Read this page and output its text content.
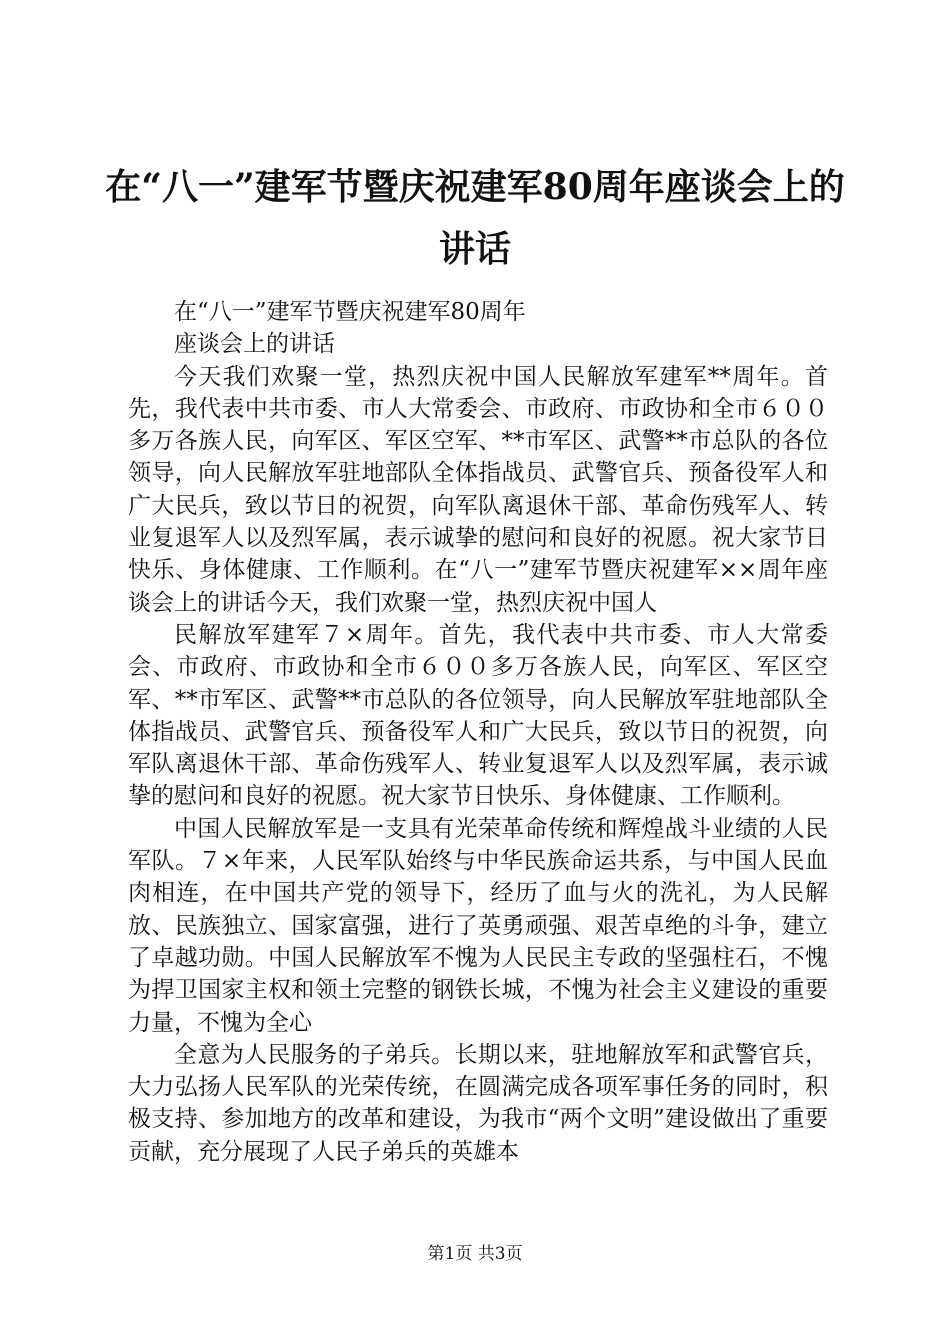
在“八一”建军节暨庆祝建军80周年座谈会上的讲话

在“八一”建军节暨庆祝建军80周年

座谈会上的讲话

今天我们欢聚一堂，热烈庆祝中国人民解放军建军**周年。首先，我代表中共市委、市人大常委会、市政府、市政协和全市６００多万各族人民，向军区、军区空军、**市军区、武警**市总队的各位领导，向人民解放军驻地部队全体指战员、武警官兵、预备役军人和广大民兵，致以节日的祝贺，向军队离退休干部、革命伤残军人、转业复退军人以及烈军属，表示诚挚的慰问和良好的祝愿。祝大家节日快乐、身体健康、工作顺利。在“八一”建军节暨庆祝建军××周年座谈会上的讲话今天，我们欢聚一堂，热烈庆祝中国人

民解放军建军７×周年。首先，我代表中共市委、市人大常委会、市政府、市政协和全市６００多万各族人民，向军区、军区空军、**市军区、武警**市总队的各位领导，向人民解放军驻地部队全体指战员、武警官兵、预备役军人和广大民兵，致以节日的祝贺，向军队离退休干部、革命伤残军人、转业复退军人以及烈军属，表示诚挚的慰问和良好的祝愿。祝大家节日快乐、身体健康、工作顺利。

中国人民解放军是一支具有光荣革命传统和辉煌战斗业绩的人民军队。７×年来，人民军队始终与中华民族命运共系，与中国人民血肉相连，在中国共产党的领导下，经历了血与火的洗礼，为人民解放、民族独立、国家富强，进行了英勇顽强、艰苦卓绝的斗争，建立了卓越功勋。中国人民解放军不愧为人民民主专政的坚强柱石，不愧为捍卫国家主权和领土完整的钢铁长城，不愧为社会主义建设的重要力量，不愧为全心

全意为人民服务的子弟兵。长期以来，驻地解放军和武警官兵，大力弘扬人民军队的光荣传统，在圆满完成各项军事任务的同时，积极支持、参加地方的改革和建设，为我市“两个文明”建设做出了重要贡献，充分展现了人民子弟兵的英雄本

第1页 共3页
